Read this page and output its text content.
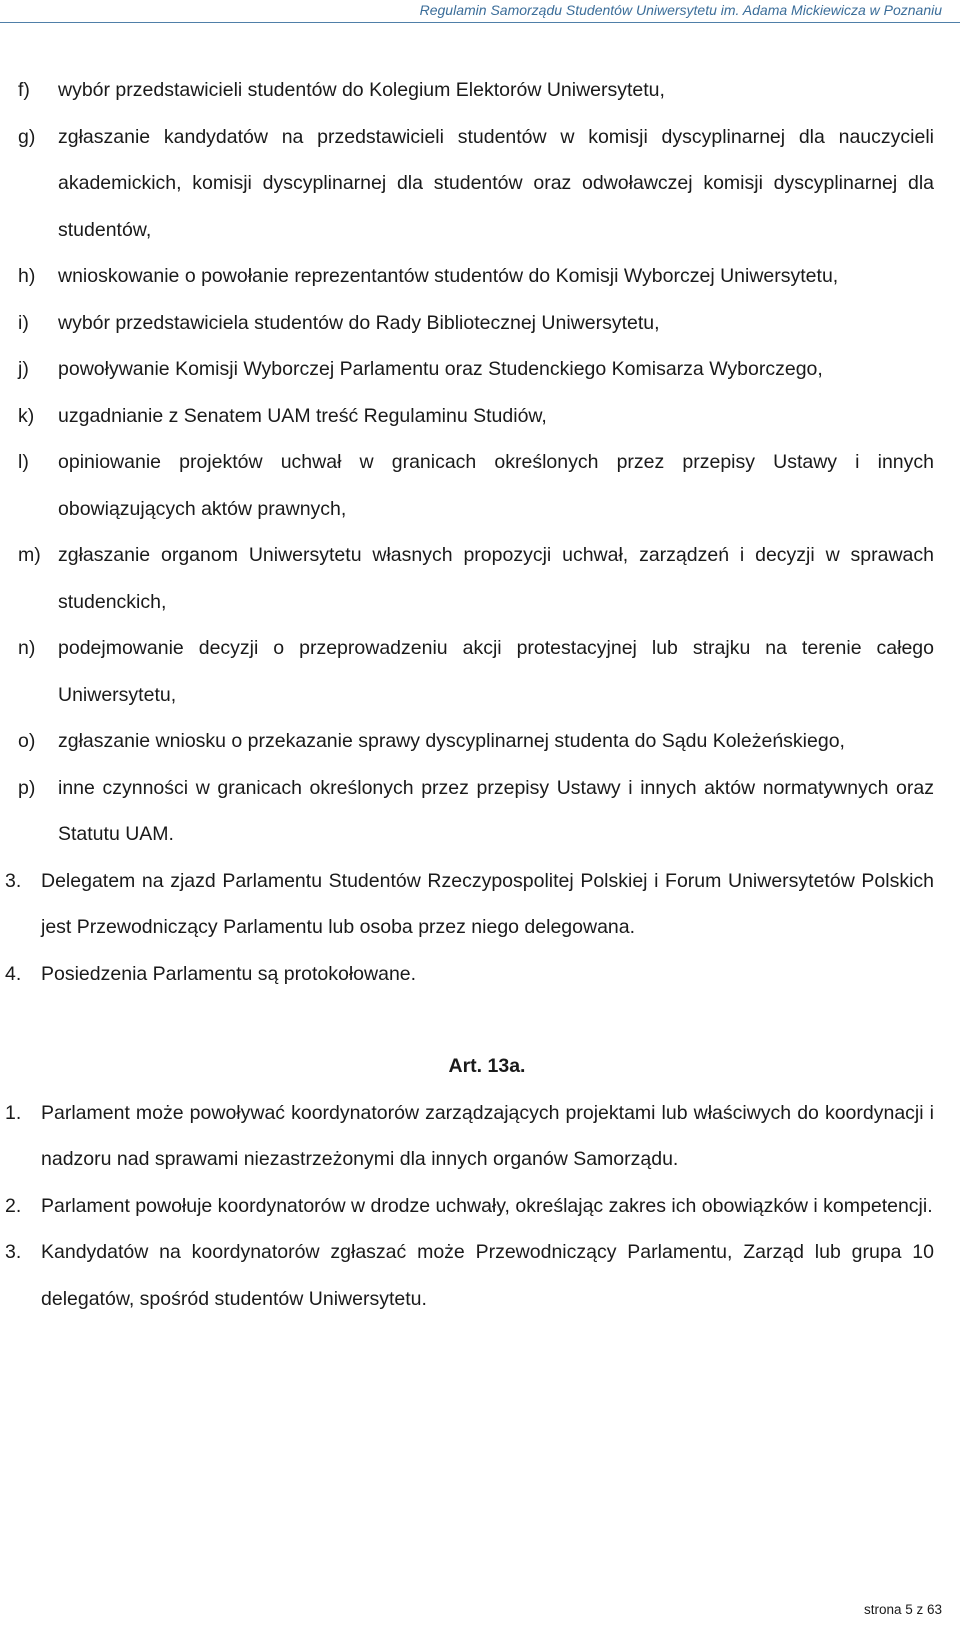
Regulamin Samorządu Studentów Uniwersytetu im. Adama Mickiewicza w Poznaniu
f) wybór przedstawicieli studentów do Kolegium Elektorów Uniwersytetu,
g) zgłaszanie kandydatów na przedstawicieli studentów w komisji dyscyplinarnej dla nauczycieli akademickich, komisji dyscyplinarnej dla studentów oraz odwoławczej komisji dyscyplinarnej dla studentów,
h) wnioskowanie o powołanie reprezentantów studentów do Komisji Wyborczej Uniwersytetu,
i) wybór przedstawiciela studentów do Rady Bibliotecznej Uniwersytetu,
j) powoływanie Komisji Wyborczej Parlamentu oraz Studenckiego Komisarza Wyborczego,
k) uzgadnianie z Senatem UAM treść Regulaminu Studiów,
l) opiniowanie projektów uchwał w granicach określonych przez przepisy Ustawy i innych obowiązujących aktów prawnych,
m) zgłaszanie organom Uniwersytetu własnych propozycji uchwał, zarządzeń i decyzji w sprawach studenckich,
n) podejmowanie decyzji o przeprowadzeniu akcji protestacyjnej lub strajku na terenie całego Uniwersytetu,
o) zgłaszanie wniosku o przekazanie sprawy dyscyplinarnej studenta do Sądu Koleżeńskiego,
p) inne czynności w granicach określonych przez przepisy Ustawy i innych aktów normatywnych oraz Statutu UAM.
3. Delegatem na zjazd Parlamentu Studentów Rzeczypospolitej Polskiej i Forum Uniwersytetów Polskich jest Przewodniczący Parlamentu lub osoba przez niego delegowana.
4. Posiedzenia Parlamentu są protokołowane.
Art. 13a.
1. Parlament może powoływać koordynatorów zarządzających projektami lub właściwych do koordynacji i nadzoru nad sprawami niezastrzeżonymi dla innych organów Samorządu.
2. Parlament powołuje koordynatorów w drodze uchwały, określając zakres ich obowiązków i kompetencji.
3. Kandydatów na koordynatorów zgłaszać może Przewodniczący Parlamentu, Zarząd lub grupa 10 delegatów, spośród studentów Uniwersytetu.
strona 5 z 63
